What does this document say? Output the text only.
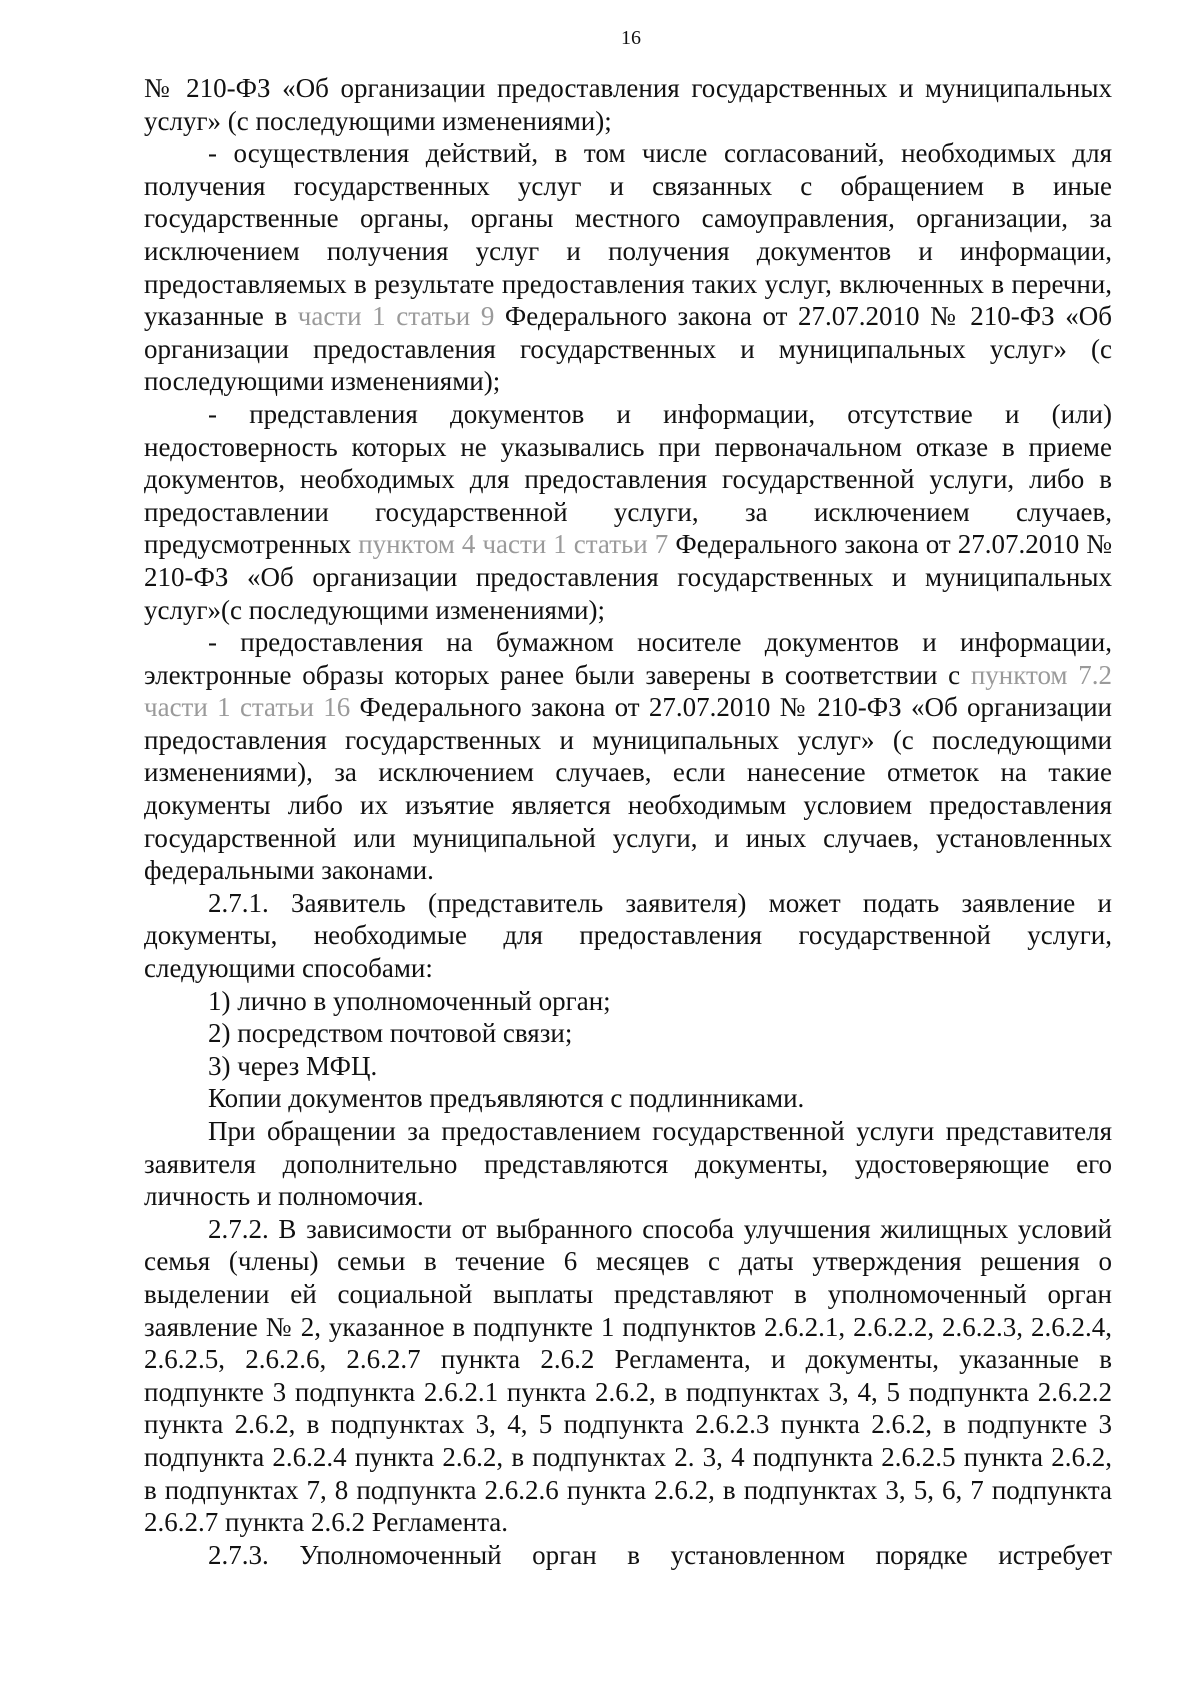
16

№ 210-ФЗ «Об организации предоставления государственных и муниципальных услуг» (с последующими изменениями);

- осуществления действий, в том числе согласований, необходимых для получения государственных услуг и связанных с обращением в иные государственные органы, органы местного самоуправления, организации, за исключением получения услуг и получения документов и информации, предоставляемых в результате предоставления таких услуг, включенных в перечни, указанные в части 1 статьи 9 Федерального закона от 27.07.2010 № 210-ФЗ «Об организации предоставления государственных и муниципальных услуг» (с последующими изменениями);

- представления документов и информации, отсутствие и (или) недостоверность которых не указывались при первоначальном отказе в приеме документов, необходимых для предоставления государственной услуги, либо в предоставлении государственной услуги, за исключением случаев, предусмотренных пунктом 4 части 1 статьи 7 Федерального закона от 27.07.2010 № 210-ФЗ «Об организации предоставления государственных и муниципальных услуг»(с последующими изменениями);

- предоставления на бумажном носителе документов и информации, электронные образы которых ранее были заверены в соответствии с пунктом 7.2 части 1 статьи 16 Федерального закона от 27.07.2010 № 210-ФЗ «Об организации предоставления государственных и муниципальных услуг» (с последующими изменениями), за исключением случаев, если нанесение отметок на такие документы либо их изъятие является необходимым условием предоставления государственной или муниципальной услуги, и иных случаев, установленных федеральными законами.

2.7.1. Заявитель (представитель заявителя) может подать заявление и документы, необходимые для предоставления государственной услуги, следующими способами:

1) лично в уполномоченный орган;

2) посредством почтовой связи;

3) через МФЦ.

Копии документов предъявляются с подлинниками.

При обращении за предоставлением государственной услуги представителя заявителя дополнительно представляются документы, удостоверяющие его личность и полномочия.

2.7.2. В зависимости от выбранного способа улучшения жилищных условий семья (члены) семьи в течение 6 месяцев с даты утверждения решения о выделении ей социальной выплаты представляют в уполномоченный орган заявление № 2, указанное в подпункте 1 подпунктов 2.6.2.1, 2.6.2.2, 2.6.2.3, 2.6.2.4, 2.6.2.5, 2.6.2.6, 2.6.2.7 пункта 2.6.2 Регламента, и документы, указанные в подпункте 3 подпункта 2.6.2.1 пункта 2.6.2, в подпунктах 3, 4, 5 подпункта 2.6.2.2 пункта 2.6.2, в подпунктах 3, 4, 5 подпункта 2.6.2.3 пункта 2.6.2, в подпункте 3 подпункта 2.6.2.4 пункта 2.6.2, в подпунктах 2. 3, 4 подпункта 2.6.2.5 пункта 2.6.2, в подпунктах 7, 8 подпункта 2.6.2.6 пункта 2.6.2, в подпунктах 3, 5, 6, 7 подпункта 2.6.2.7 пункта 2.6.2 Регламента.

2.7.3. Уполномоченный орган в установленном порядке истребует
